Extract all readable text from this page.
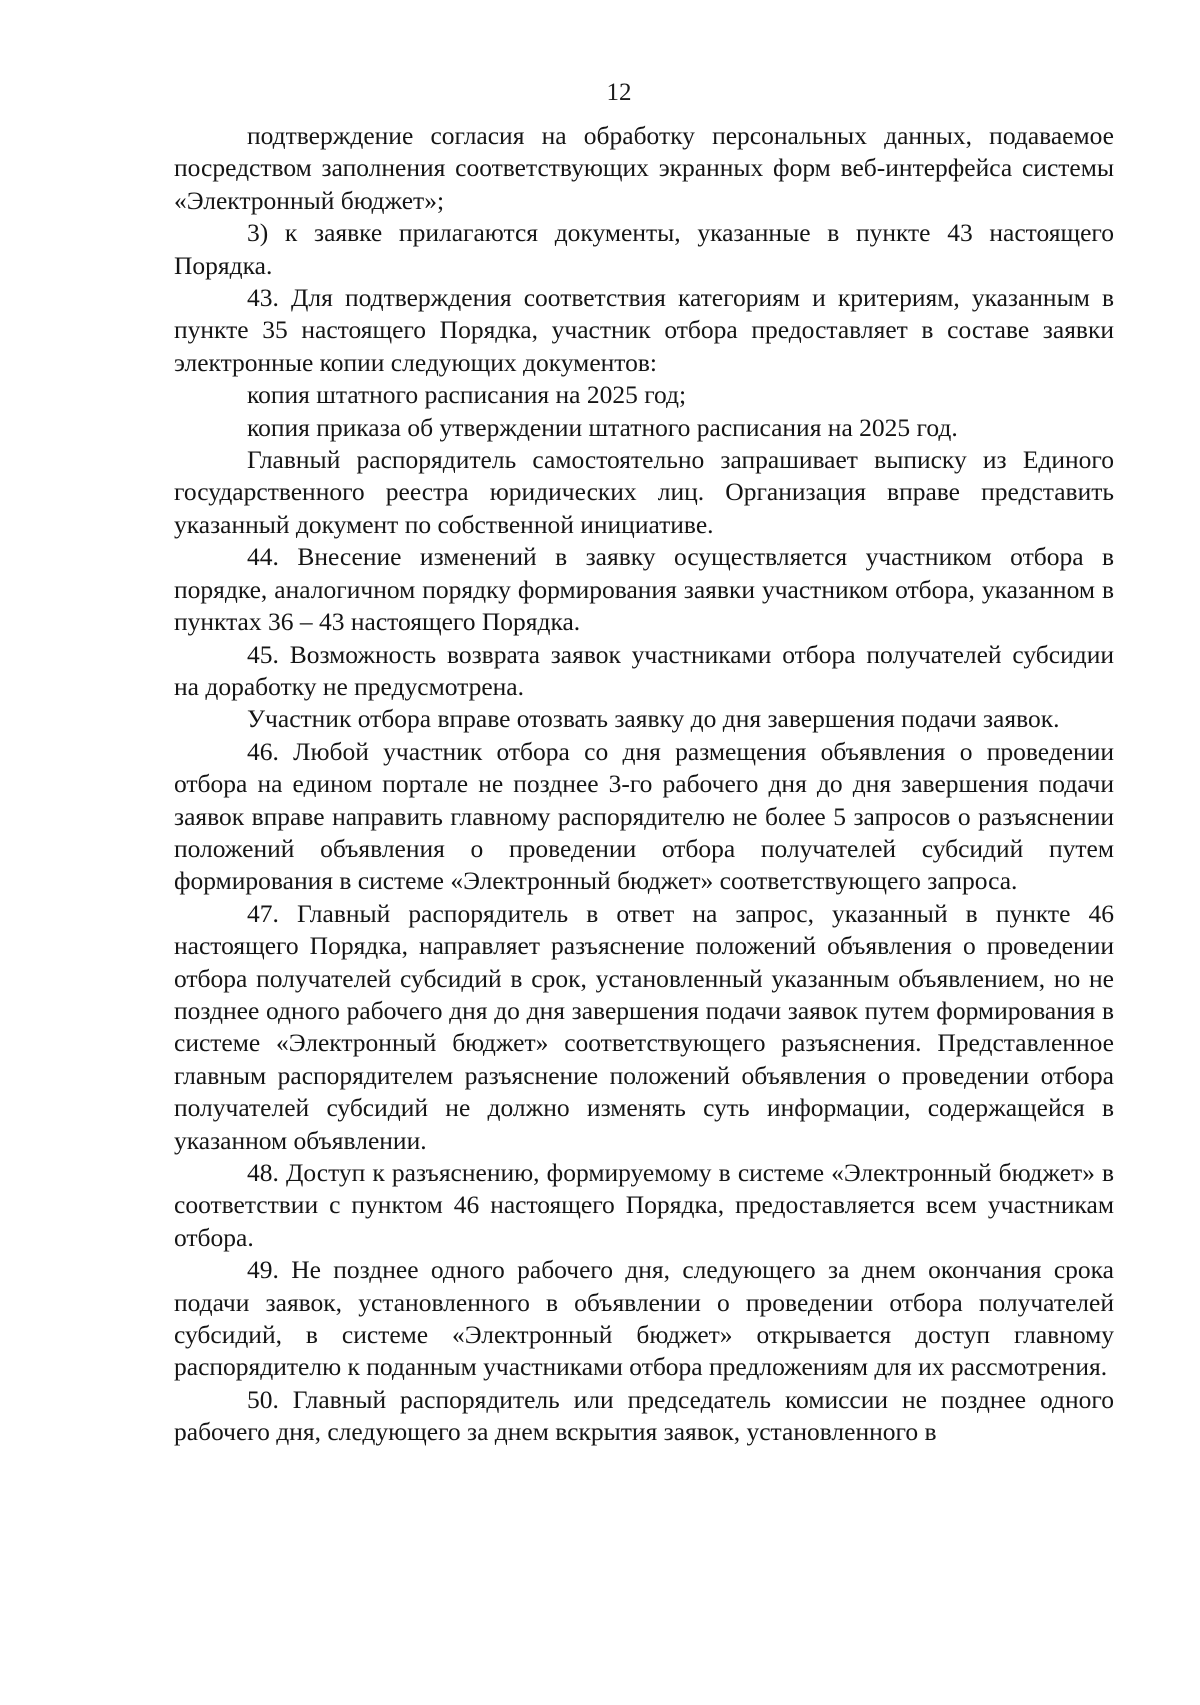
12

подтверждение согласия на обработку персональных данных, подаваемое посредством заполнения соответствующих экранных форм веб-интерфейса системы «Электронный бюджет»;

3) к заявке прилагаются документы, указанные в пункте 43 настоящего Порядка.

43. Для подтверждения соответствия категориям и критериям, указанным в пункте 35 настоящего Порядка, участник отбора предоставляет в составе заявки электронные копии следующих документов:

копия штатного расписания на 2025 год;

копия приказа об утверждении штатного расписания на 2025 год.

Главный распорядитель самостоятельно запрашивает выписку из Единого государственного реестра юридических лиц. Организация вправе представить указанный документ по собственной инициативе.

44. Внесение изменений в заявку осуществляется участником отбора в порядке, аналогичном порядку формирования заявки участником отбора, указанном в пунктах 36 – 43 настоящего Порядка.

45. Возможность возврата заявок участниками отбора получателей субсидии на доработку не предусмотрена.

Участник отбора вправе отозвать заявку до дня завершения подачи заявок.

46. Любой участник отбора со дня размещения объявления о проведении отбора на едином портале не позднее 3-го рабочего дня до дня завершения подачи заявок вправе направить главному распорядителю не более 5 запросов о разъяснении положений объявления о проведении отбора получателей субсидий путем формирования в системе «Электронный бюджет» соответствующего запроса.

47. Главный распорядитель в ответ на запрос, указанный в пункте 46 настоящего Порядка, направляет разъяснение положений объявления о проведении отбора получателей субсидий в срок, установленный указанным объявлением, но не позднее одного рабочего дня до дня завершения подачи заявок путем формирования в системе «Электронный бюджет» соответствующего разъяснения. Представленное главным распорядителем разъяснение положений объявления о проведении отбора получателей субсидий не должно изменять суть информации, содержащейся в указанном объявлении.

48. Доступ к разъяснению, формируемому в системе «Электронный бюджет» в соответствии с пунктом 46 настоящего Порядка, предоставляется всем участникам отбора.

49. Не позднее одного рабочего дня, следующего за днем окончания срока подачи заявок, установленного в объявлении о проведении отбора получателей субсидий, в системе «Электронный бюджет» открывается доступ главному распорядителю к поданным участниками отбора предложениям для их рассмотрения.

50. Главный распорядитель или председатель комиссии не позднее одного рабочего дня, следующего за днем вскрытия заявок, установленного в
